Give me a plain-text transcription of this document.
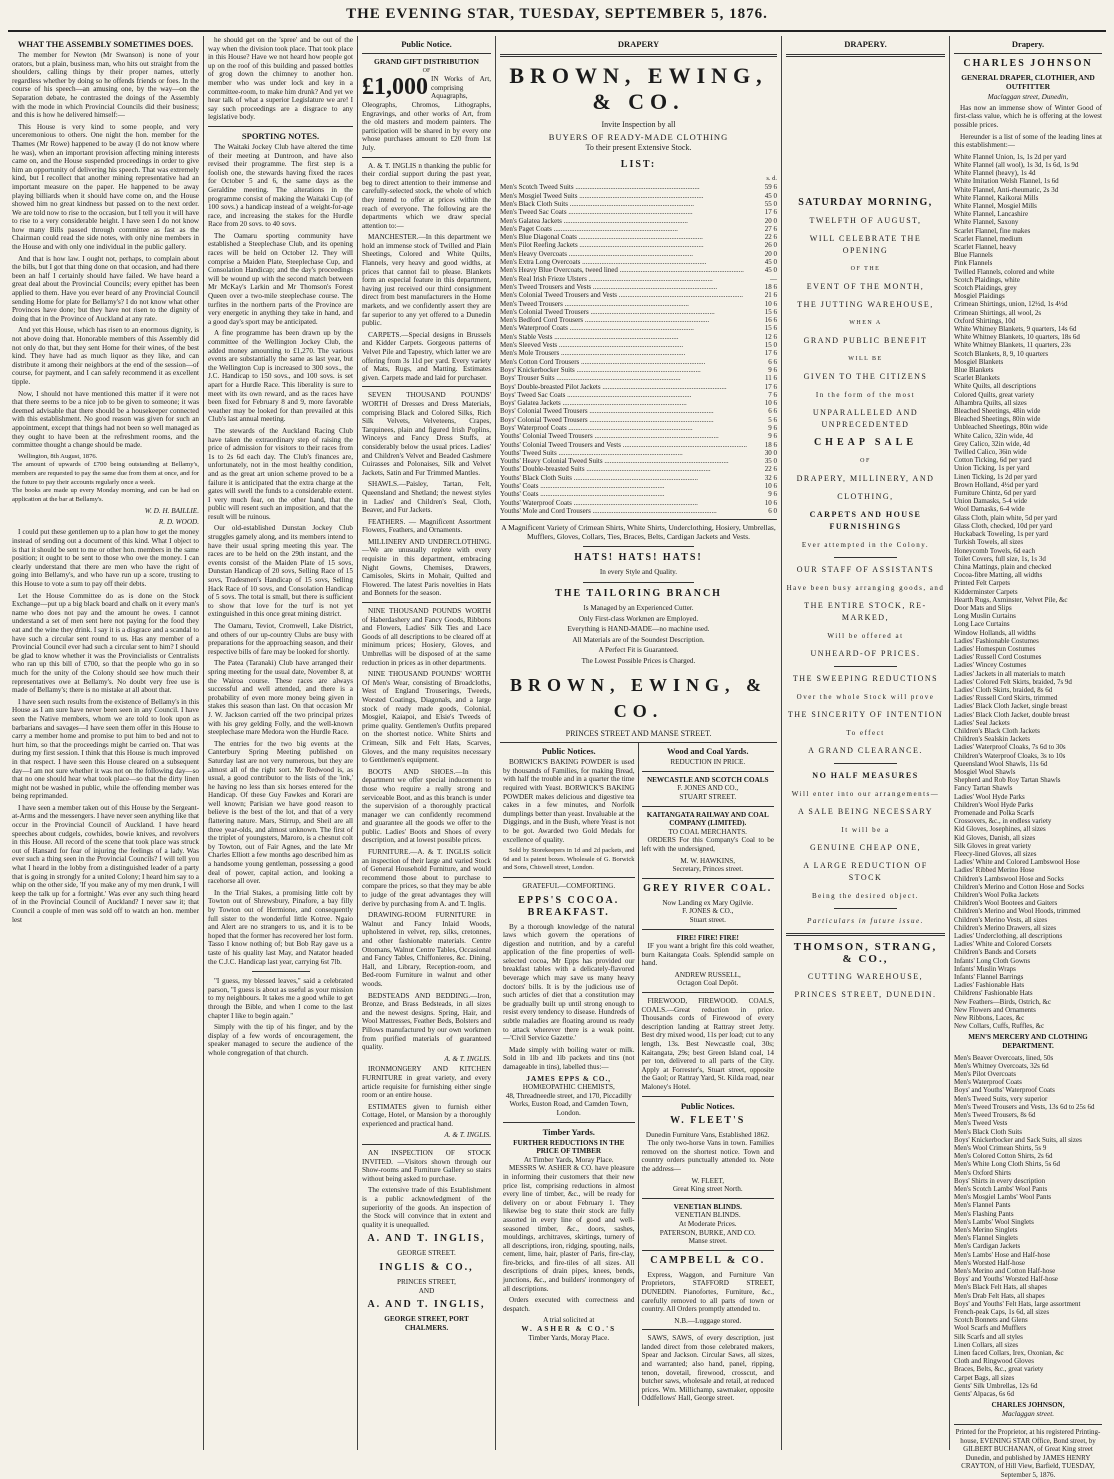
THE EVENING STAR, TUESDAY, SEPTEMBER 5, 1876.
WHAT THE ASSEMBLY SOMETIMES DOES.

The member for Newton (Mr Swanson) is none of your orators, but a plain, business man, who hits out straight from the shoulders, calling things by their proper names, utterly regardless whether by doing so he offends friends or foes. In the course of his speech—an amusing one, by the way—on the Separation debate, he contrasted the doings of the Assembly with the mode in which Provincial Councils did their business; and this is how he delivered himself:—

This House is very kind to some people, and very unceremonious to others. One night the hon. member for the Thames (Mr Rowe) happened to be away (I do not know where he was), when an important provision affecting mining interests came on, and the House suspended proceedings in order to give him an opportunity of delivering his speech. That was extremely kind, but I recollect that another mining representative had an important measure on the paper. He happened to be away playing billiards when it should have come on, and the House showed him no great kindness but passed on to the next order. We are told now to rise to the occasion, but I tell you it will have to rise to a very considerable height. I have seen I do not know how many Bills passed through committee as fast as the Chairman could read the side notes, with only nine members in the House and with only one individual in the public gallery.

And that is how law. I ought not, perhaps, to complain about the bills, but I got that thing done on that occasion, and had there been an half I certainly should have failed. We have heard a great deal about the Provincial Councils; every epithet has been applied to them. Have you ever heard of any Provincial Council sending Home for plate for Bellamy's? I do not know what other Provinces have done; but they have not risen to the dignity of doing that in the Province of Auckland at any rate.

And yet this House, which has risen to an enormous dignity, is not above doing that. Honorable members of this Assembly did not only do that, but they sent Home for their wines, of the best kind. They have had as much liquor as they like, and can distribute it among their neighbors at the end of the session—of course, for payment, and I can safely recommend it as excellent tipple.

Now, I should not have mentioned this matter if it were not that there seems to be a nice job to be given to someone; it was deemed advisable that there should be a housekeeper connected with this establishment. No good reason was given for such an appointment, except that things had not been so well managed as they ought to have been at the refreshment rooms, and the committee thought a change should be made.

Wellington, 8th August, 1876.
The amount of upwards of £700 being outstanding at Bellamy's, members are requested to pay the same due from them at once, and for the future to pay their accounts regularly once a week.
The books are made up every Monday morning, and can be had on application at the bar at Bellamy's.

W. D. H. BAILLIE.
R. D. WOOD.

I could put these gentlemen up to a plan how to get the money instead of sending out a document of this kind. What I object to is that it should be sent to me or other hon. members in the same position; it ought to be sent to those who owe the money. I can clearly understand that there are men who have the right of going into Bellamy's, and who have run up a score, trusting to this House to vote a sum to pay off their debts.

Let the House Committee do as is done on the Stock Exchange—put up a big black board and chalk on it every man's name who does not pay and the amount he owes. I cannot understand a set of men sent here not paying for the food they eat and the wine they drink. I say it is a disgrace and a scandal to have such a circular sent round to us. Has any member of a Provincial Council ever had such a circular sent to him? I should be glad to know whether it was the Provincialists or Centralists who ran up this bill of £700, so that the people who go in so much for the unity of the Colony should see how much their representatives owe at Bellamy's. No doubt very free use is made of Bellamy's; there is no mistake at all about that.

I have seen such results from the existence of Bellamy's in this House as I am sure have never been seen in any Council. I have seen the Native members, whom we are told to look upon as barbarians and savages—I have seen them offer in this House to carry a member home and promise to put him to bed and not to hurt him, so that the proceedings might be carried on. That was during my first session. I think that this House is much improved in that respect. I have seen this House cleared on a subsequent day—I am not sure whether it was not on the following day—so that no one should hear what took place—so that the dirty linen might not be washed in public, while the offending member was being reprimanded.

I have seen a member taken out of this House by the Sergeant-at-Arms and the messengers. I have never seen anything like that occur in the Provincial Council of Auckland. I have heard speeches about cudgels, cowhides, bowie knives, and revolvers in this House. All record of the scene that took place was struck out of Hansard for fear of injuring the feelings of a lady. Was ever such a thing seen in the Provincial Councils? I will tell you what I heard in the lobby from a distinguished leader of a party that is going in strongly for a united Colony; I heard him say to a whip on the other side, 'If you make any of my men drunk, I will keep the talk up for a fortnight.' Was ever any such thing heard of in the Provincial Council of Auckland? I never saw it; that Council a couple of men was sold off to watch an hon. member lest

he should get on the 'spree' and be out of the way when the division took place. That took place in this House? Have we not heard how people got up on the roof of this building and passed bottles of grog down the chimney to another hon. member who was under lock and key in a committee-room, to make him drunk? And yet we hear talk of what a superior Legislature we are! I say such proceedings are a disgrace to any legislative body.

SPORTING NOTES.

The Waitaki Jockey Club have altered the time of their meeting at Duntroon, and have also revised their programme. The first step is a foolish one, the stewards having fixed the races for October 5 and 6, the same days as the Geraldine meeting. The alterations in the programme consist of making the Waitaki Cup (of 100 sovs.) a handicap instead of a weight-for-age race, and increasing the stakes for the Hurdle Race from 20 sovs. to 40 sovs.

The Oamaru sporting community have established a Steeplechase Club, and its opening races will be held on October 12. They will comprise a Maiden Plate, Steeplechase Cup, and Consolation Handicap; and the day's proceedings will be wound up with the second match between Mr McKay's Larkin and Mr Thomson's Forest Queen over a two-mile steeplechase course. The turfites in the northern parts of the Province are very energetic in anything they take in hand, and a good day's sport may be anticipated.

A fine programme has been drawn up by the committee of the Wellington Jockey Club, the added money amounting to £1,270. The various events are substantially the same as last year, but the Wellington Cup is increased to 300 sovs., the J.C. Handicap to 150 sovs., and 100 sovs. is set apart for a Hurdle Race. This liberality is sure to meet with its own reward, and as the races have been fixed for February 8 and 9, more favorable weather may be looked for than prevailed at this Club's last annual meeting.

The stewards of the Auckland Racing Club have taken the extraordinary step of raising the price of admission for visitors to their races from 1s to 2s 6d each day. The Club's finances are, unfortunately, not in the most healthy condition, and as the great art union scheme proved to be a failure it is anticipated that the extra charge at the gates will swell the funds to a considerable extent. I very much fear, on the other hand, that the public will resent such an imposition, and that the result will be ruinous.

Our old-established Dunstan Jockey Club struggles gamely along, and its members intend to have their usual spring meeting this year. The races are to be held on the 29th instant, and the events consist of the Maiden Plate of 15 sovs, Dunstan Handicap of 20 sovs, Selling Race of 15 sovs, Tradesmen's Handicap of 15 sovs, Selling Hack Race of 10 sovs, and Consolation Handicap of 5 sovs. The total is small, but there is sufficient to show that love for the turf is not yet extinguished in this once great mining district.

The Oamaru, Teviot, Cromwell, Lake District, and others of our up-country Clubs are busy with preparations for the approaching season, and their respective bills of fare may be looked for shortly.

The Patea (Taranaki) Club have arranged their spring meeting for the usual date, November 8, at the Wairoa course. These races are always successful and well attended, and there is a probability of even more money being given in stakes this season than last. On that occasion Mr J. W. Jackson carried off the two principal prizes with his grey gelding Folly, and the well-known steeplechase mare Medora won the Hurdle Race.

The entries for the two big events at the Canterbury Spring Meeting published on Saturday last are not very numerous, but they are almost all of the right sort. Mr Redwood is, as usual, a good contributor to the lists of the 'ink,' he having no less than six horses entered for the Handicap. Of these Guy Fawkes and Korari are well known; Parisian we have good reason to believe is the best of the lot, and that of a very flattering nature. Mars, Stirrup, and Sheil are all three year-olds, and almost unknown. The first of the triplet of youngsters, Maroro, is a chesnut colt by Towton, out of Fair Agnes, and the late Mr Charles Elliott a few months ago described him as a handsome young gentleman, possessing a good deal of power, capital action, and looking a racehorse all over.

In the Trial Stakes, a promising little colt by Towton out of Shrewsbury, Pinafore, a bay filly by Towton out of Hermione, and consequently full sister to the wonderful little Kotree. Ngaio and Alert are no strangers to us, and it is to be hoped that the former has recovered her lost form. Tasso I know nothing of; but Bob Ray gave us a taste of his quality last May, and Natator headed the C.J.C. Handicap last year, carrying 6st 7lb.

"I guess, my blessed leaves," said a celebrated parson, "I guess is about as useful as your mission to my neighbours. It takes me a good while to get through the Bible, and when I come to the last chapter I like to begin again."

Simply with the tip of his finger, and by the display of a few words of encouragement, the speaker managed to secure the audience of the whole congregation of that church.

Public Notice.
GRAND GIFT DISTRIBUTION
OF
£1,000 IN Works of Art, comprising Aquagraphs, Oleographs, Chromos, Lithographs, Engravings, and other works of Art, from the old masters and modern painters. The participation will be shared in by every one whose purchases amount to £20 from 1st July.

A. & T. INGLIS n thanking the public for their cordial support during the past year, beg to direct attention to their immense and carefully-selected stock, the whole of which they intend to offer at prices within the reach of everyone. The following are the departments which we draw special attention to:—

MANCHESTER.—In this department we hold an immense stock of Twilled and Plain Sheetings, Colored and White Quilts, Flannels, very heavy and good widths, at prices that cannot fail to please. Blankets form an especial feature in this department, having just received our third consignment direct from best manufacturers in the Home markets, and we confidently assert they are far superior to any yet offered to a Dunedin public.

CARPETS.—Special designs in Brussels and Kidder Carpets. Gorgeous patterns of Velvet Pile and Tapestry, which latter we are offering from 3s 11d per yard. Every variety of Mats, Rugs, and Matting. Estimates given. Carpets made and laid for purchaser.

SEVEN THOUSAND POUNDS' WORTH of Dresses and Dress Materials, comprising Black and Colored Silks, Rich Silk Velvets, Velveteens, Crapes, Tarquinees, plain and figured Irish Poplins, Winceys and Fancy Dress Stuffs, at considerably below the usual prices. Ladies' and Children's Velvet and Beaded Cashmere Cuirasses and Polonaises, Silk and Velvet Jackets, Satin and Fur Trimmed Mantles.

SHAWLS.—Paisley, Tartan, Felt, Queensland and Shetland; the newest styles in Ladies' and Children's Seal, Cloth, Beaver, and Fur Jackets.

FEATHERS. — Magnificent Assortment Flowers, Feathers, and Ornaments.

MILLINERY AND UNDERCLOTHING. —We are unusually replete with every requisite in this department, embracing Night Gowns, Chemises, Drawers, Camisoles, Skirts in Mohair, Quilted and Flowered. The latest Paris novelties in Hats and Bonnets for the season.

NINE THOUSAND POUNDS WORTH of Haberdashery and Fancy Goods, Ribbons and Flowers, Ladies' Silk Ties and Lace Goods of all descriptions to be cleared off at minimum prices; Hosiery, Gloves, and Umbrellas will be disposed of at the same reduction in prices as in other departments.

NINE THOUSAND POUNDS' WORTH Of Men's Wear, consisting of Broadcloths, West of England Trouserings, Tweeds, Worsted Coatings, Diagonals, and a large stock of ready made goods, Colonial, Mosgiel, Kaiapoi, and Elsie's Tweeds of prime quality. Gentlemen's Outfits prepared on the shortest notice. White Shirts and Crimean, Silk and Felt Hats, Scarves, Gloves, and the many requisites necessary to Gentlemen's equipment.

BOOTS AND SHOES.—In this department we offer special inducement to those who require a really strong and serviceable Boot, and as this branch is under the supervision of a thoroughly practical manager we can confidently recommend and guarantee all the goods we offer to the public. Ladies' Boots and Shoes of every description, and at lowest possible prices.

FURNITURE.—A. & T. INGLIS solicit an inspection of their large and varied Stock of General Household Furniture, and would recommend those about to purchase to compare the prices, so that they may be able to judge of the great advantages they will derive by purchasing from A. and T. Inglis.

DRAWING-ROOM FURNITURE in Walnut and Fancy Inlaid Woods, upholstered in velvet, rep, silks, cretonnes, and other fashionable materials. Centre Ottomans, Walnut Centre Tables, Occasional and Fancy Tables, Chiffonieres, &c. Dining, Hall, and Library, Reception-room, and Bed-room Furniture in walnut and other woods.

BEDSTEADS AND BEDDING.—Iron, Bronze, and Brass Bedsteads, in all sizes and the newest designs. Spring, Hair, and Wool Mattresses, Feather Beds, Bolsters and Pillows manufactured by our own workmen from purified materials of guaranteed quality.

A. & T. INGLIS.

IRONMONGERY AND KITCHEN FURNITURE in great variety, and every article requisite for furnishing either single room or an entire house.

ESTIMATES given to furnish either Cottage, Hotel, or Mansion by a thoroughly experienced and practical hand.

A. & T. INGLIS.

AN INSPECTION OF STOCK INVITED. —Visitors shown through our Show-rooms and Furniture Gallery so stairs without being asked to purchase.

The extensive trade of this Establishment is a public acknowledgment of the superiority of the goods. An inspection of the Stock will convince that in extent and quality it is unequalled.

A. AND T. INGLIS,
GEORGE STREET.
INGLIS & CO.,
PRINCES STREET,
AND
A. AND T. INGLIS,
GEORGE STREET, PORT CHALMERS.
DRAPERY
BROWN, EWING, & CO.
Invite Inspection by all
BUYERS OF READY-MADE CLOTHING
To their present Extensive Stock.
LIST:
s. d.
Men's Scotch Tweed Suits .....	59 6
Men's Mosgiel Tweed Suits .....	45 0
Men's Black Cloth Suits .....	55 0
Men's Tweed Sac Coats .....	17 6
Men's Galatea Jackets .....	20 0
Men's Paget Coats .....	27 6
Men's Blue Diagonal Coats .....	22 6
Men's Pilot Reefing Jackets .....	26 0
Men's Heavy Overcoats .....	20 0
Men's Extra Long Overcoats .....	45 0
Men's Heavy Blue Overcoats, tweed lined .....	45 0
Men's Real Irish Frieze Ulsters .....	—
Men's Tweed Trousers and Vests .....	18 6
Men's Colonial Tweed Trousers and Vests .....	21 6
Men's Tweed Trousers .....	10 6
Men's Colonial Tweed Trousers .....	15 6
Men's Bedford Cord Trousers .....	16 6
Men's Waterproof Coats .....	15 6
Men's Stable Vests .....	12 6
Men's Sleeved Vests .....	15 0
Men's Mole Trousers .....	17 6
Men's Cotton Cord Trousers .....	6 6
Boys' Knickerbocker Suits .....	9 6
Boys' Trouser Suits .....	11 6
Boys' Double-breasted Pilot Jackets .....	17 6
Boys' Tweed Sac Coats .....	7 6
Boys' Galatea Jackets .....	10 6
Boys' Colonial Tweed Trousers .....	6 6
Boys' Colonial Tweed Trousers .....	5 6
Boys' Waterproof Coats .....	9 6
Youths' Colonial Tweed Trousers .....	9 6
Youths' Colonial Tweed Trousers and Vests .....	18 6
Youths' Tweed Suits .....	30 0
Youths' Heavy Colonial Tweed Suits .....	35 0
Youths' Double-breasted Suits .....	22 6
Youths' Black Cloth Suits .....	32 6
Youths' Coats .....	10 6
Youths' Coats .....	9 6
Youths' Waterproof Coats .....	10 6
Youths' Mole and Cord Trousers .....	6 0
A Magnificent Variety of Crimean Shirts, White Shirts, Underclothing, Hosiery, Umbrellas, Mufflers, Gloves, Collars, Ties, Braces, Belts, Cardigan Jackets and Vests.
HATS! HATS! HATS!
In every Style and Quality.
THE TAILORING BRANCH
Is Managed by an Experienced Cutter.
Only First-class Workmen are Employed.
Everything is HAND-MADE—no machine used.
All Materials are of the Soundest Description.
A Perfect Fit is Guaranteed.
The Lowest Possible Prices is Charged.
BROWN, EWING, & CO.
PRINCES STREET AND MANSE STREET.
Public Notices.

BORWICK'S BAKING POWDER is used by thousands of Families, for making Bread, with half the trouble and in a quarter the time required with Yeast. BORWICK'S BAKING POWDER makes delicious and digestive tea cakes in a few minutes, and Norfolk dumplings better than yeast. Invaluable at the Diggings, and in the Bush, where Yeast is not to be got. Awarded two Gold Medals for excellence of quality.

Sold by Storekeepers in 1d and 2d packets, and 6d and 1s patent boxes. Wholesale of G. Borwick and Sons, Chiswell street, London.

GRATEFUL—COMFORTING.
EPPS'S COCOA. BREAKFAST.

By a thorough knowledge of the natural laws which govern the operations of digestion and nutrition, and by a careful application of the fine properties of well-selected cocoa, Mr Epps has provided our breakfast tables with a delicately-flavored beverage which may save us many heavy doctors' bills. It is by the judicious use of such articles of diet that a constitution may be gradually built up until strong enough to resist every tendency to disease. Hundreds of subtle maladies are floating around us ready to attack wherever there is a weak point.—'Civil Service Gazette.'

Made simply with boiling water or milk. Sold in 1lb and 1lb packets and tins (not damageable in tins), labelled thus:—

JAMES EPPS & CO.,
HOMŒOPATHIC CHEMISTS,
48, Threadneedle street, and 170, Piccadilly Works, Euston Road, and Camden Town, London.
Timber Yards.
FURTHER REDUCTIONS IN THE PRICE OF TIMBER
At Timber Yards, Moray Place.

MESSRS W. ASHER & CO. have pleasure in informing their customers that their new price list, comprising reductions in almost every line of timber, &c., will be ready for delivery on or about February 1. They likewise beg to state their stock are fully assorted in every line of good and well-seasoned timber, &c., doors, sashes, mouldings, architraves, skirtings, turnery of all descriptions, iron, ridging, spouting, nails, cement, lime, hair, plaster of Paris, fire-clay, fire-bricks, and fire-tiles of all sizes. All descriptions of drain pipes, knees, bends, junctions, &c., and builders' ironmongery of all descriptions.

Orders executed with correctness and despatch.

A trial solicited at
W. ASHER & CO.'S
Timber Yards, Moray Place.
Wood and Coal Yards.
REDUCTION IN PRICE.
NEWCASTLE AND SCOTCH COALS
F. JONES AND CO.,
STUART STREET.
KAITANGATA RAILWAY AND COAL COMPANY (LIMITED).
TO COAL MERCHANTS.

ORDERS For this Company's Coal to be left with the undersigned,

M. W. HAWKINS,
Secretary, Princes street.
GREY RIVER COAL.
Now Landing ex Mary Ogilvie.
F. JONES & CO.,
Stuart street.
FIRE! FIRE! FIRE!

IF you want a bright fire this cold weather, burn Kaitangata Coals. Splendid sample on hand.

ANDREW RUSSELL,
Octagon Coal Depôt.

FIREWOOD, FIREWOOD. COALS, COALS.—Great reduction in price. Thousands cords of Firewood of every description landing at Rattray street Jetty. Best dry mixed wood, 11s per load; cut to any length, 13s. Best Newcastle coal, 30s; Kaitangata, 29s; best Green Island coal, 14 per ton, delivered to all parts of the City. Apply at Forrester's, Stuart street, opposite the Gaol; or Rattray Yard, St. Kilda road, near Maloney's Hotel.

Public Notices.
W. FLEET'S
Dunedin Furniture Vans, Established 1862.

The only two-horse Vans in town. Families removed on the shortest notice. Town and country orders punctually attended to. Note the address—

W. FLEET,
Great King street North.
VENETIAN BLINDS.
VENETIAN BLINDS.
At Moderate Prices.
PATERSON, BURKE, AND CO.
Manse street.
CAMPBELL & CO.

Express, Waggon, and Furniture Van Proprietors, STAFFORD STREET, DUNEDIN. Pianofortes, Furniture, &c., carefully removed to all parts of town or country. All Orders promptly attended to.

N.B.—Luggage stored.

SAWS, SAWS, of every description, just landed direct from those celebrated makers, Spear and Jackson. Circular Saws, all sizes, and warranted; also hand, panel, ripping, tenon, dovetail, firewood, crosscut, and butcher saws, wholesale and retail, at reduced prices. Wm. Millichamp, sawmaker, opposite Oddfellows' Hall, George street.

DRAPERY.
SATURDAY MORNING,
TWELFTH OF AUGUST,
WILL CELEBRATE THE OPENING
OF THE
EVENT OF THE MONTH,
THE JUTTING WAREHOUSE,
WHEN A
GRAND PUBLIC BENEFIT
WILL BE
GIVEN TO THE CITIZENS
In the form of the most
UNPARALLELED AND UNPRECEDENTED
CHEAP SALE
OF
DRAPERY, MILLINERY, AND
CLOTHING,
CARPETS AND HOUSE FURNISHINGS
Ever attempted in the Colony.
OUR STAFF OF ASSISTANTS
Have been busy arranging goods, and
THE ENTIRE STOCK, RE-MARKED,
Will be offered at
UNHEARD-OF PRICES.
THE SWEEPING REDUCTIONS
Over the whole Stock will prove
THE SINCERITY OF INTENTION
To effect
A GRAND CLEARANCE.
NO HALF MEASURES
Will enter into our arrangements—
A SALE BEING NECESSARY
It will be a
GENUINE CHEAP ONE,
A LARGE REDUCTION OF STOCK
Being the desired object.
Particulars in future issue.
THOMSON, STRANG, & CO.,
CUTTING WAREHOUSE,
PRINCES STREET, DUNEDIN.
Drapery.
CHARLES JOHNSON
GENERAL DRAPER, CLOTHIER, AND OUTFITTER
Maclaggan street, Dunedin,

Has now an immense show of Winter Good of first-class value, which he is offering at the lowest possible prices.

Hereunder is a list of some of the leading lines at this establishment:—

White Flannel Union, 1s, 1s 2d per yard
White Flannel (all wool), 1s 3d, 1s 6d, 1s 9d
White Flannel (heavy), 1s 4d
White Imitation Welsh Flannel, 1s 6d
White Flannel, Anti-rheumatic, 2s 3d
White Flannel, Kaikorai Mills
White Flannel, Mosgiel Mills
White Flannel, Lancashire
White Flannel, Saxony
Scarlet Flannel, fine makes
Scarlet Flannel, medium
Scarlet Flannel, heavy
Blue Flannels
Pink Flannels
Twilled Flannels, colored and white
Scotch Plaidings, white
Scotch Plaidings, grey
Mosgiel Plaidings
Crimean Shirtings, union, 12½d, 1s 4½d
Crimean Shirtings, all wool, 2s
Oxford Shirtings, 10d
White Whitney Blankets, 9 quarters, 14s 6d
White Whitney Blankets, 10 quarters, 18s 6d
White Whitney Blankets, 11 quarters, 23s
Scotch Blankets, 8, 9, 10 quarters
Mosgiel Blankets
Blue Blankets
Scarlet Blankets
White Quilts, all descriptions
Colored Quilts, great variety
Alhambra Quilts, all sizes
Bleached Sheetings, 48in wide
Bleached Sheetings, 80in wide
Unbleached Sheetings, 80in wide
White Calico, 32in wide, 4d
Grey Calico, 32in wide, 4d
Twilled Calico, 36in wide
Cotton Ticking, 6d per yard
Union Ticking, 1s per yard
Linen Ticking, 1s 2d per yard
Brown Holland, 4½d per yard
Furniture Chintz, 6d per yard
Union Damasks, 5-4 wide
Wool Damasks, 6-4 wide
Glass Cloth, plain white, 5d per yard
Glass Cloth, checked, 10d per yard
Huckaback Toweling, 1s per yard
Turkish Towels, all sizes
Honeycomb Towels, 6d each
Toilet Covers, full size, 1s, 1s 3d
China Mattings, plain and checked
Cocoa-fibre Matting, all widths
Printed Felt Carpets
Kidderminster Carpets
Hearth Rugs, Axminster, Velvet Pile, &c
Door Mats and Slips
Long Muslin Curtains
Long Lace Curtains
Window Hollands, all widths
Ladies' Fashionable Costumes
Ladies' Homespun Costumes
Ladies' Russell Cord Costumes
Ladies' Wincey Costumes
Ladies' Jackets in all materials to match
Ladies' Colored Felt Skirts, braided, 7s 9d
Ladies' Cloth Skirts, braided, 8s 6d
Ladies' Russell Cord Skirts, trimmed
Ladies' Black Cloth Jacket, single breast
Ladies' Black Cloth Jacket, double breast
Ladies' Seal Jackets
Children's Black Cloth Jackets
Children's Sealskin Jackets
Ladies' Waterproof Cloaks, 7s 6d to 30s
Children's Waterproof Cloaks, 3s to 10s
Queensland Wool Shawls, 11s 6d
Mosgiel Wool Shawls
Shepherd and Rob Roy Tartan Shawls
Fancy Tartan Shawls
Ladies' Wool Hyde Parks
Children's Wool Hyde Parks
Promenade and Polka Scarfs
Crossovers, &c., in endless variety
Kid Gloves, Josephines, all sizes
Kid Gloves, Danish, all sizes
Silk Gloves in great variety
Fleecy-lined Gloves, all sizes
Ladies' White and Colored Lambswool Hose
Ladies' Ribbed Merino Hose
Children's Lambswool Hose and Socks
Children's Merino and Cotton Hose and Socks
Children's Wool Polka Jackets
Children's Wool Bootees and Gaiters
Children's Merino and Wool Hoods, trimmed
Children's Merino Vests, all sizes
Children's Merino Drawers, all sizes
Ladies' Underclothing, all descriptions
Ladies' White and Colored Corsets
Children's Bands and Corsets
Infants' Long Cloth Gowns
Infants' Muslin Wraps
Infants' Flannel Barrings
Ladies' Fashionable Hats
Childrens' Fashionable Hats
New Feathers—Birds, Ostrich, &c
New Flowers and Ornaments
New Ribbons, Laces, &c
New Collars, Cuffs, Ruffles, &c
MEN'S MERCERY AND CLOTHING DEPARTMENT.
Men's Beaver Overcoats, lined, 50s
Men's Whitney Overcoats, 32s 6d
Men's Pilot Overcoats
Men's Waterproof Coats
Boys' and Youths' Waterproof Coats
Men's Tweed Suits, very superior
Men's Tweed Trousers and Vests, 13s 6d to 25s 6d
Men's Tweed Trousers, 8s 6d
Men's Tweed Vests
Men's Black Cloth Suits
Boys' Knickerbocker and Sack Suits, all sizes
Men's Wool Crimean Shirts, 5s 9
Men's Colored Cotton Shirts, 2s 6d
Men's White Long Cloth Shirts, 5s 6d
Men's Oxford Shirts
Boys' Shirts in every description
Men's Scotch Lambs' Wool Pants
Men's Mosgiel Lambs' Wool Pants
Men's Flannel Pants
Men's Flashing Pants
Men's Lambs' Wool Singlets
Men's Merino Singlets
Men's Flannel Singlets
Men's Cardigan Jackets
Men's Lambs' Hose and Half-hose
Men's Worsted Half-hose
Men's Merino and Cotton Half-hose
Boys' and Youths' Worsted Half-hose
Men's Black Felt Hats, all shapes
Men's Drab Felt Hats, all shapes
Boys' and Youths' Felt Hats, large assortment
French-peak Caps, 1s 6d, all sizes
Scotch Bonnets and Glens
Wool Scarfs and Mufflers
Silk Scarfs and all styles
Linen Collars, all sizes
Linen faced Collars, Irex, Oxonian, &c
Cloth and Ringwood Gloves
Braces, Belts, &c., great variety
Carpet Bags, all sizes
Gents' Silk Umbrellas, 12s 6d
Gents' Alpacas, 6s 6d
CHARLES JOHNSON,
Maclaggan street.
Printed for the Proprietor, at his registered Printing-house, EVENING STAR Office, Bond street, by GILBERT BUCHANAN, of Great King street Dunedin, and published by JAMES HENRY CRAYTON, of Hill View, Barfield, TUESDAY, September 5, 1876.
